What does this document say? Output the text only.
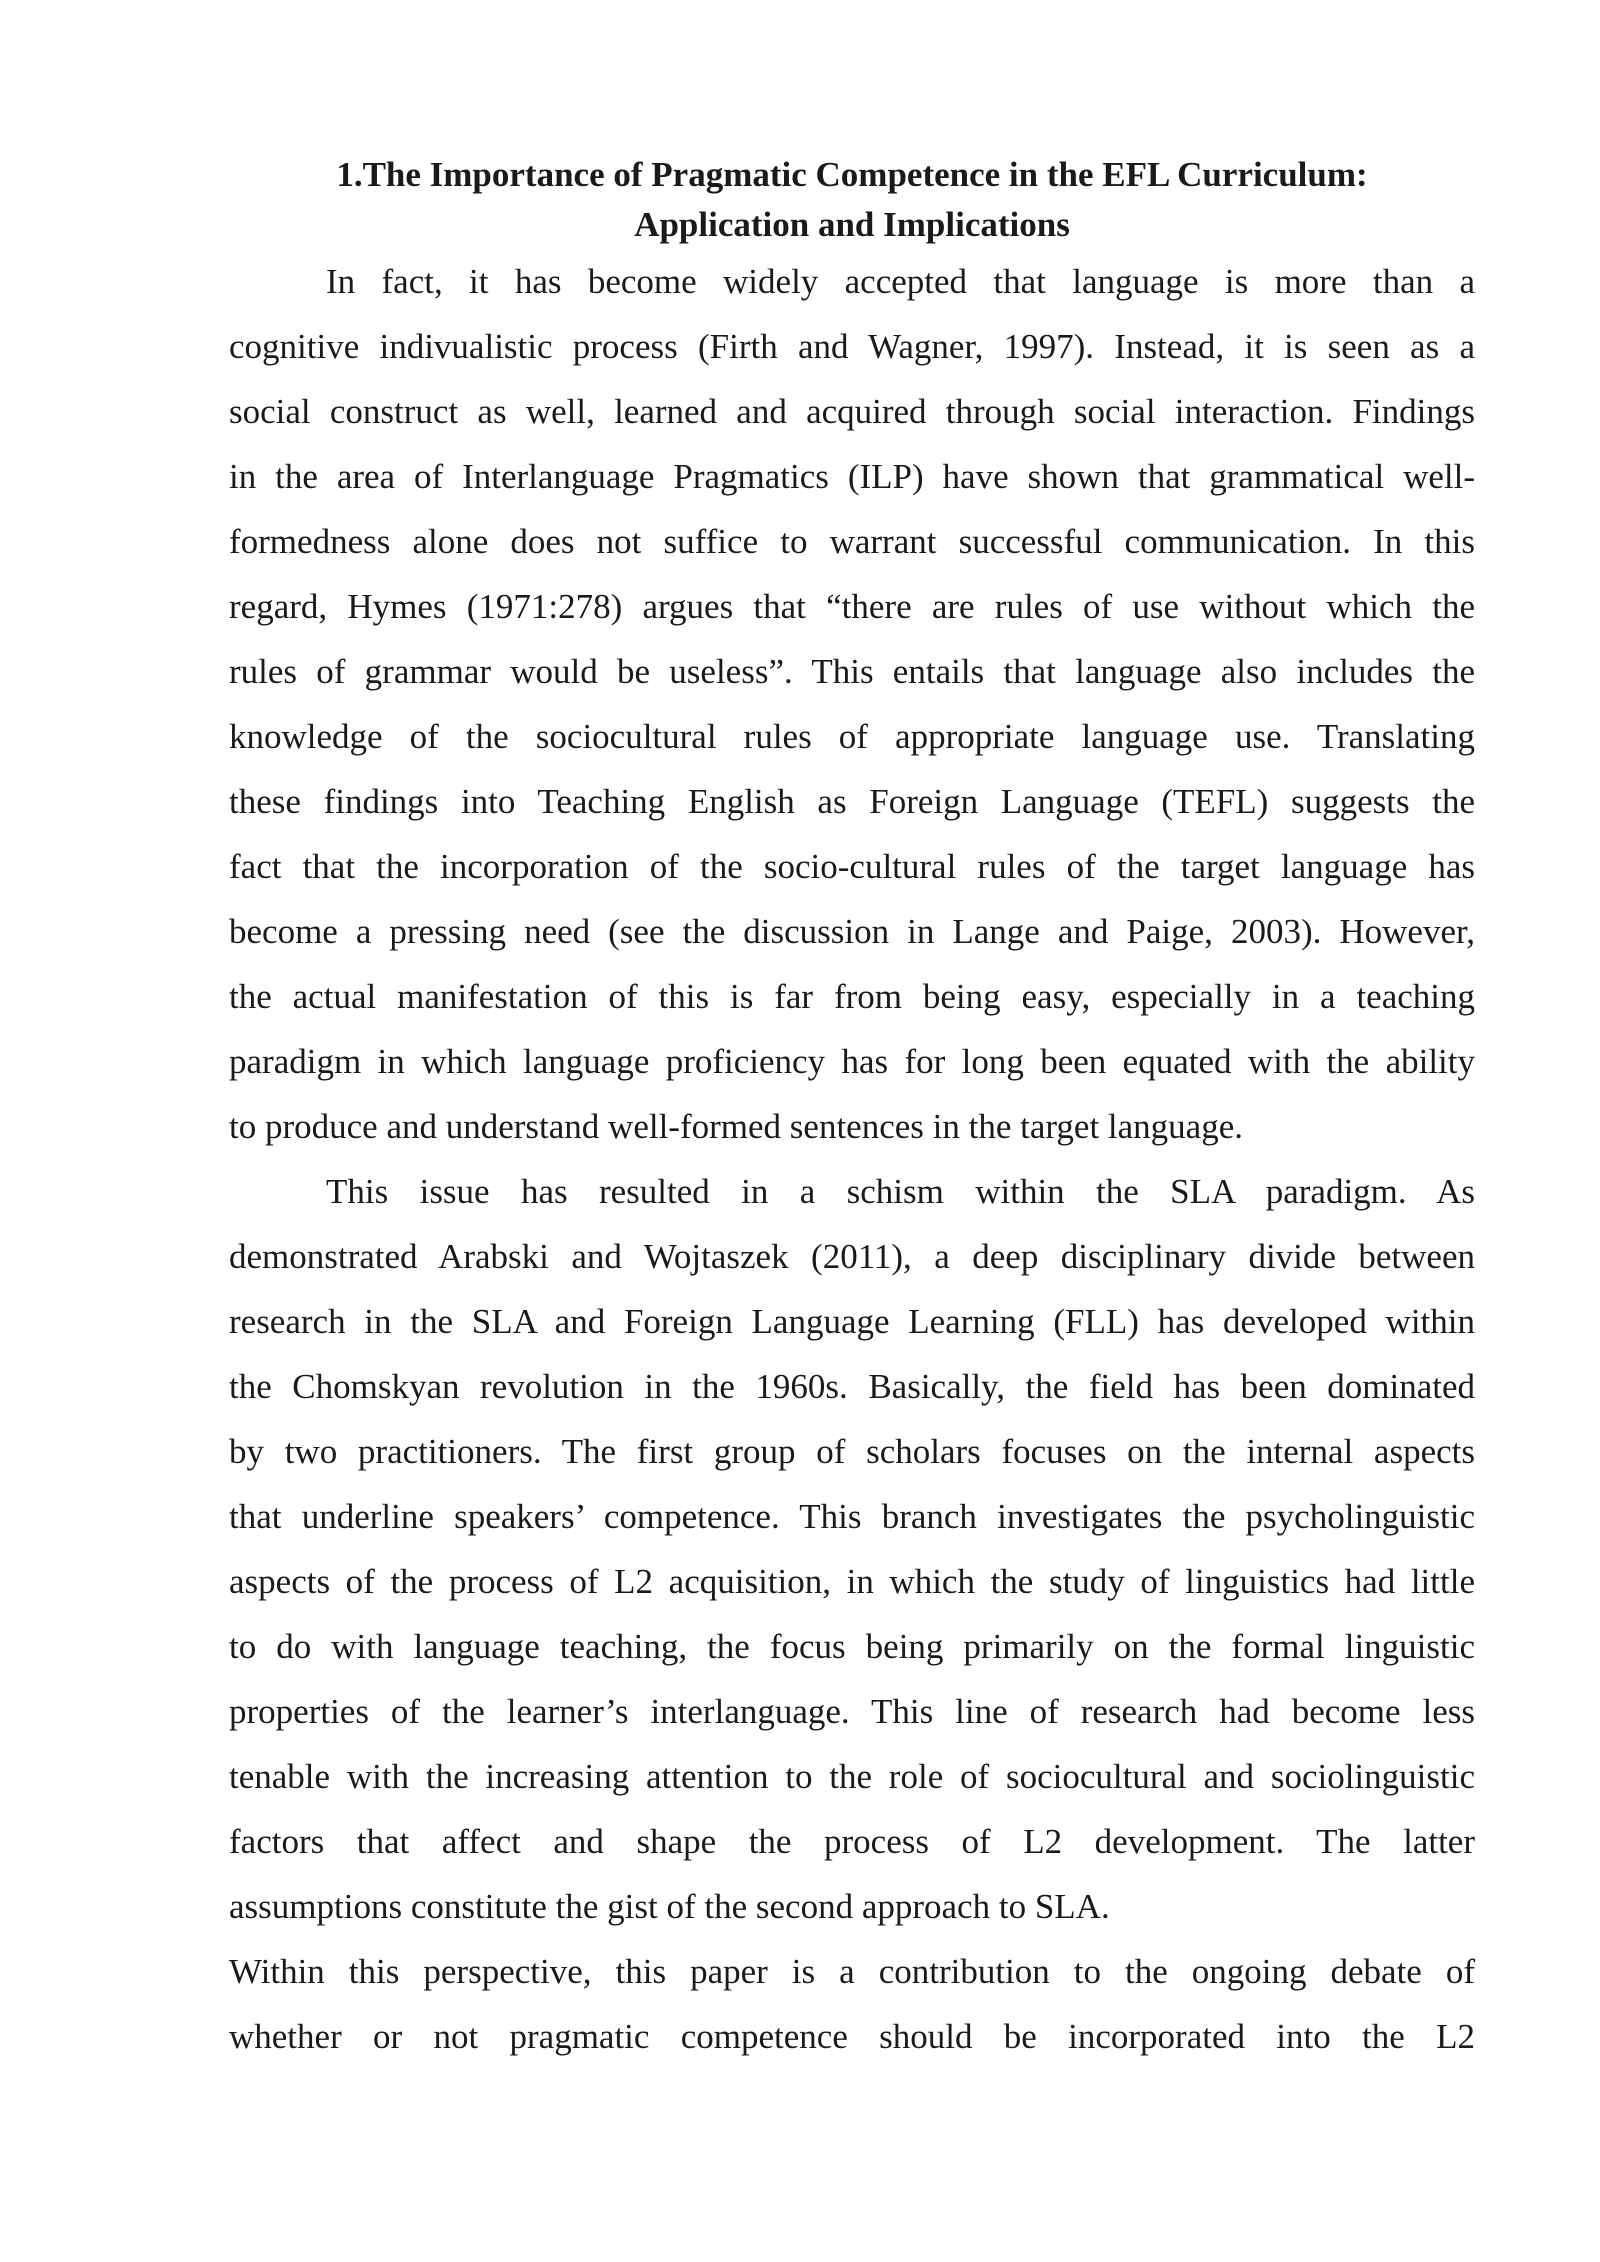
1.The Importance of Pragmatic Competence in the EFL Curriculum:
Application and Implications
In fact, it has become widely accepted that language is more than a
cognitive indivualistic process (Firth and Wagner, 1997). Instead, it is seen as a
social construct as well, learned and acquired through social interaction. Findings
in the area of Interlanguage Pragmatics (ILP) have shown that grammatical well-
formedness alone does not suffice to warrant successful communication. In this
regard, Hymes (1971:278) argues that “there are rules of use without which the
rules of grammar would be useless”. This entails that language also includes the
knowledge of the sociocultural rules of appropriate language use. Translating
these findings into Teaching English as Foreign Language (TEFL) suggests the
fact that the incorporation of the socio-cultural rules of the target language has
become a pressing need (see the discussion in Lange and Paige, 2003). However,
the actual manifestation of this is far from being easy, especially in a teaching
paradigm in which language proficiency has for long been equated with the ability
to produce and understand well-formed sentences in the target language.
This issue has resulted in a schism within the SLA paradigm. As
demonstrated Arabski and Wojtaszek (2011), a deep disciplinary divide between
research in the SLA and Foreign Language Learning (FLL) has developed within
the Chomskyan revolution in the 1960s. Basically, the field has been dominated
by two practitioners. The first group of scholars focuses on the internal aspects
that underline speakers’ competence. This branch investigates the psycholinguistic
aspects of the process of L2 acquisition, in which the study of linguistics had little
to do with language teaching, the focus being primarily on the formal linguistic
properties of the learner’s interlanguage. This line of research had become less
tenable with the increasing attention to the role of sociocultural and sociolinguistic
factors that affect and shape the process of L2 development. The latter
assumptions constitute the gist of the second approach to SLA.
Within this perspective, this paper is a contribution to the ongoing debate of
whether or not pragmatic competence should be incorporated into the L2
